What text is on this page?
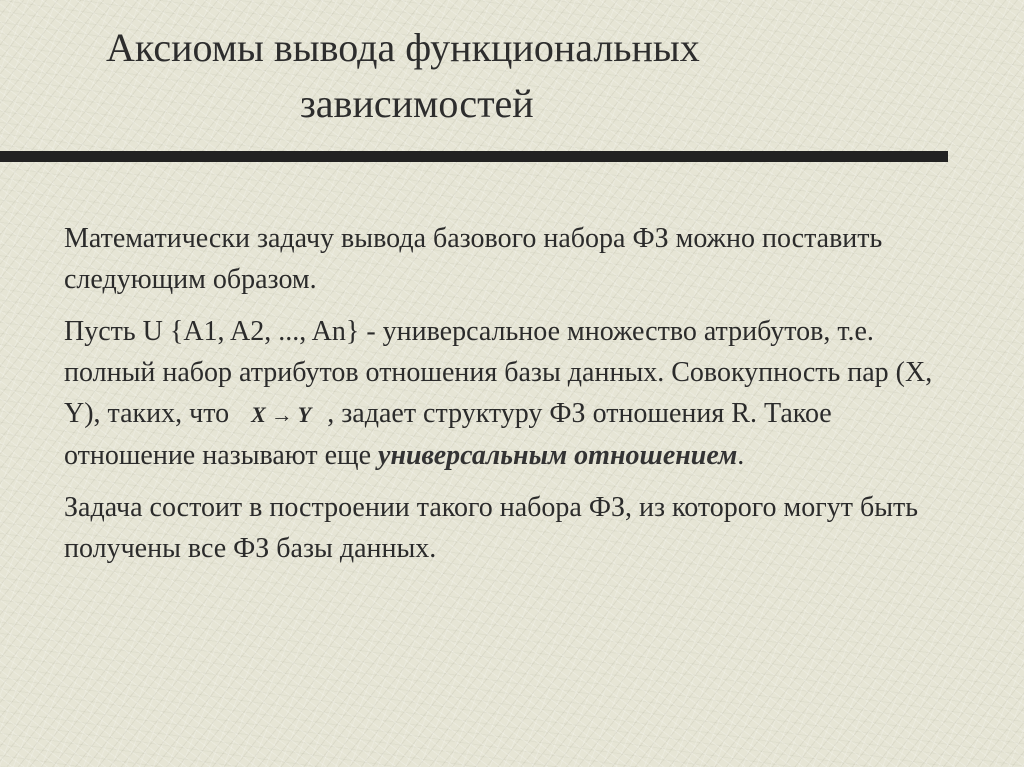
Аксиомы вывода функциональных
зависимостей

Математически задачу вывода базового набора ФЗ можно поставить следующим образом.

Пусть U {A1, A2, ..., An} - универсальное множество атрибутов, т.е. полный набор атрибутов отношения базы данных. Совокупность пар (X, Y), таких, что X → Y , задает структуру ФЗ отношения R. Такое отношение называют еще универсальным отношением.

Задача состоит в построении такого набора ФЗ, из которого могут быть получены все ФЗ базы данных.
